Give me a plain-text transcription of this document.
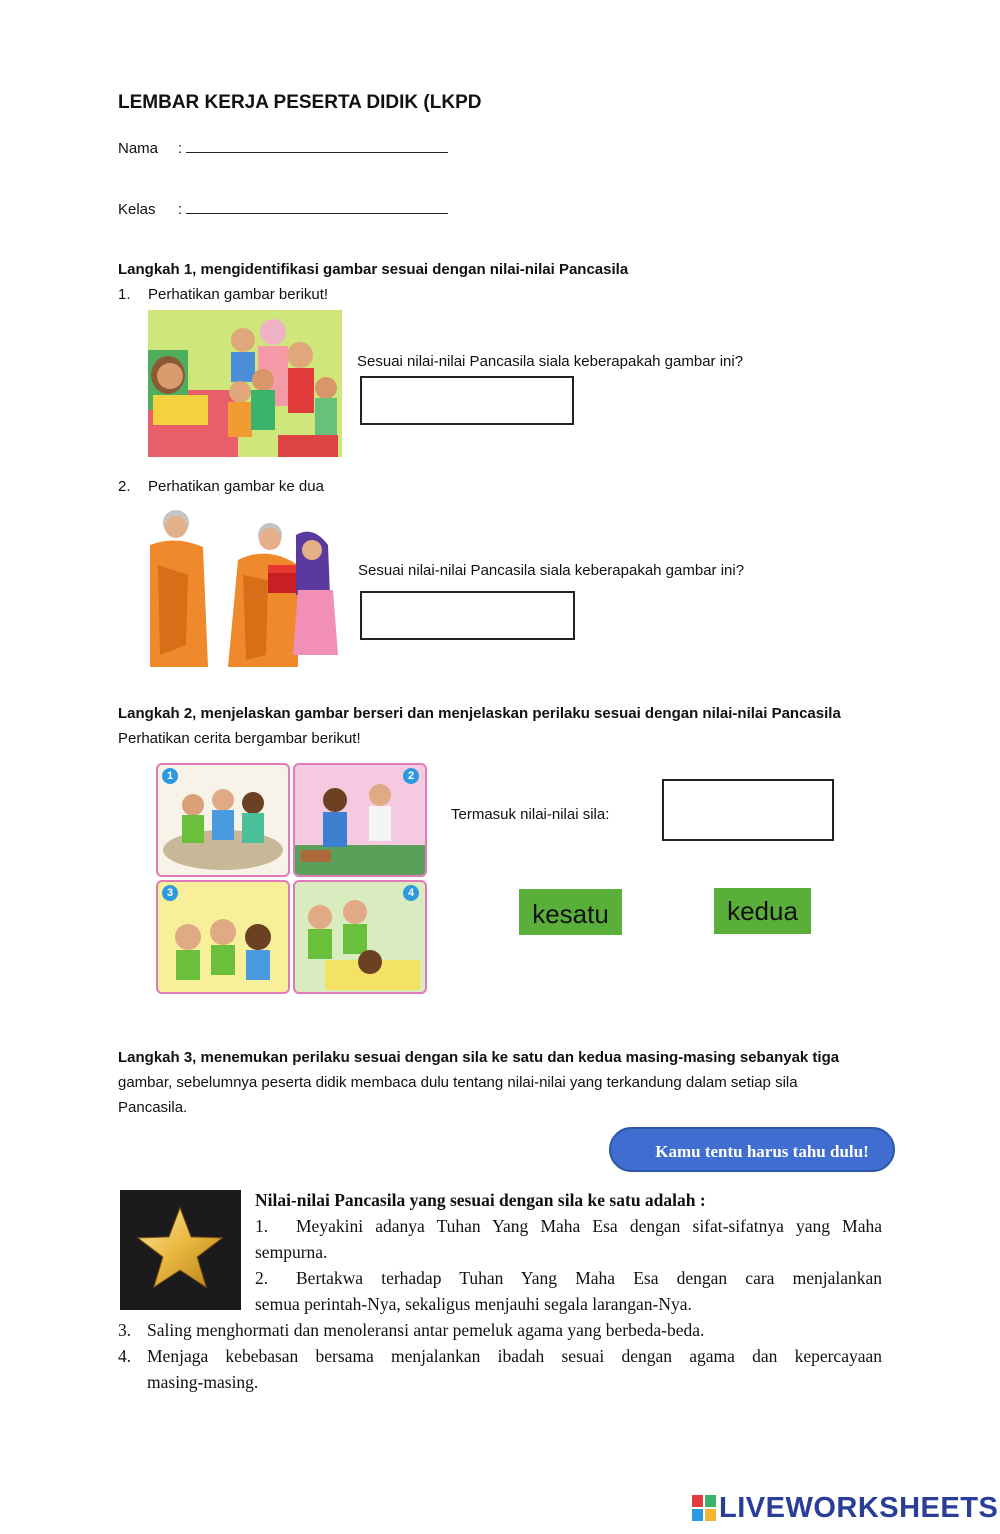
LEMBAR KERJA PESERTA DIDIK (LKPD
Nama :
Kelas :
Langkah 1, mengidentifikasi gambar sesuai dengan nilai-nilai Pancasila
1. Perhatikan gambar berikut!
Sesuai nilai-nilai Pancasila siala keberapakah gambar ini?
2. Perhatikan gambar ke dua
Sesuai nilai-nilai Pancasila siala keberapakah gambar ini?
Langkah 2, menjelaskan gambar berseri dan menjelaskan perilaku sesuai dengan nilai-nilai Pancasila
Perhatikan cerita bergambar berikut!
1	2
3	4
Termasuk nilai-nilai sila:
kesatu	kedua
Langkah 3, menemukan perilaku sesuai dengan sila ke satu dan kedua masing-masing sebanyak tiga
gambar, sebelumnya peserta didik membaca dulu tentang nilai-nilai yang terkandung dalam setiap sila
Pancasila.
Kamu tentu harus tahu dulu!
Nilai-nilai Pancasila yang sesuai dengan sila ke satu adalah :
1. Meyakini adanya Tuhan Yang Maha Esa dengan sifat-sifatnya yang Maha
sempurna.
2. Bertakwa terhadap Tuhan Yang Maha Esa dengan cara menjalankan
semua perintah-Nya, sekaligus menjauhi segala larangan-Nya.
3. Saling menghormati dan menoleransi antar pemeluk agama yang berbeda-beda.
4. Menjaga kebebasan bersama menjalankan ibadah sesuai dengan agama dan kepercayaan
masing-masing.
LIVEWORKSHEETS
